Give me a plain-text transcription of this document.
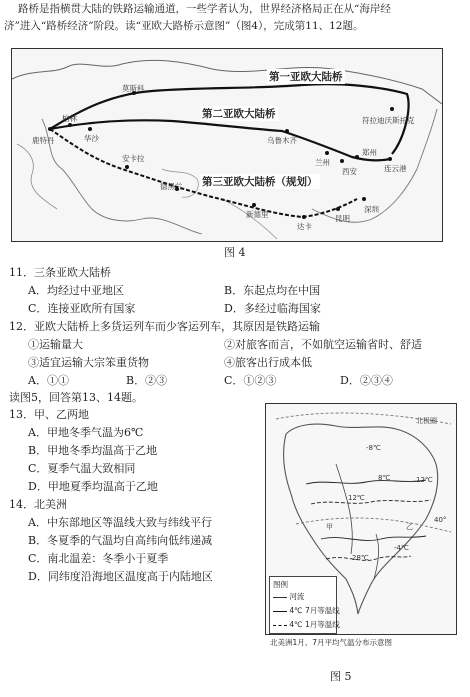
路桥是指横贯大陆的铁路运输通道，一些学者认为，世界经济格局正在从“海岸经
济”进入“路桥经济”阶段。读“亚欧大路桥示意图”（图4），完成第11、12题。
第一亚欧大陆桥
第二亚欧大陆桥
第三亚欧大陆桥（规划）
莫斯科
柏林
华沙
鹿特丹	乌鲁木齐
符拉迪沃斯托克
郑州
兰州
西安	连云港
安卡拉
德黑兰
新德里
达卡
昆明
深圳
图 4
11．三条亚欧大陆桥
A．均经过中亚地区	B．东起点均在中国
C．连接亚欧所有国家	D．多经过临海国家
12．亚欧大陆桥上多货运列车而少客运列车，其原因是铁路运输
①运输量大	②对旅客而言，不如航空运输省时、舒适
③适宜运输大宗笨重货物	④旅客出行成本低
A．①①	B．②③	C．①②③	D．②③④
读图5，回答第13、14题。
13．甲、乙两地
A．甲地冬季气温为6℃
B．甲地冬季均温高于乙地
C．夏季气温大致相同
D．甲地夏季均温高于乙地
14．北美洲
A．中东部地区等温线大致与纬线平行
B．冬夏季的气温均自高纬向低纬递减
C．南北温差：冬季小于夏季
D．同纬度沿海地区温度高于内陆地区
北极圈
40°
28℃
12℃
8℃	12℃
-4℃
-8℃
甲	乙
图例
河流
4℃ 7月等温线
4℃ 1月等温线
北美洲1月、7月平均气温分布示意图
图 5
